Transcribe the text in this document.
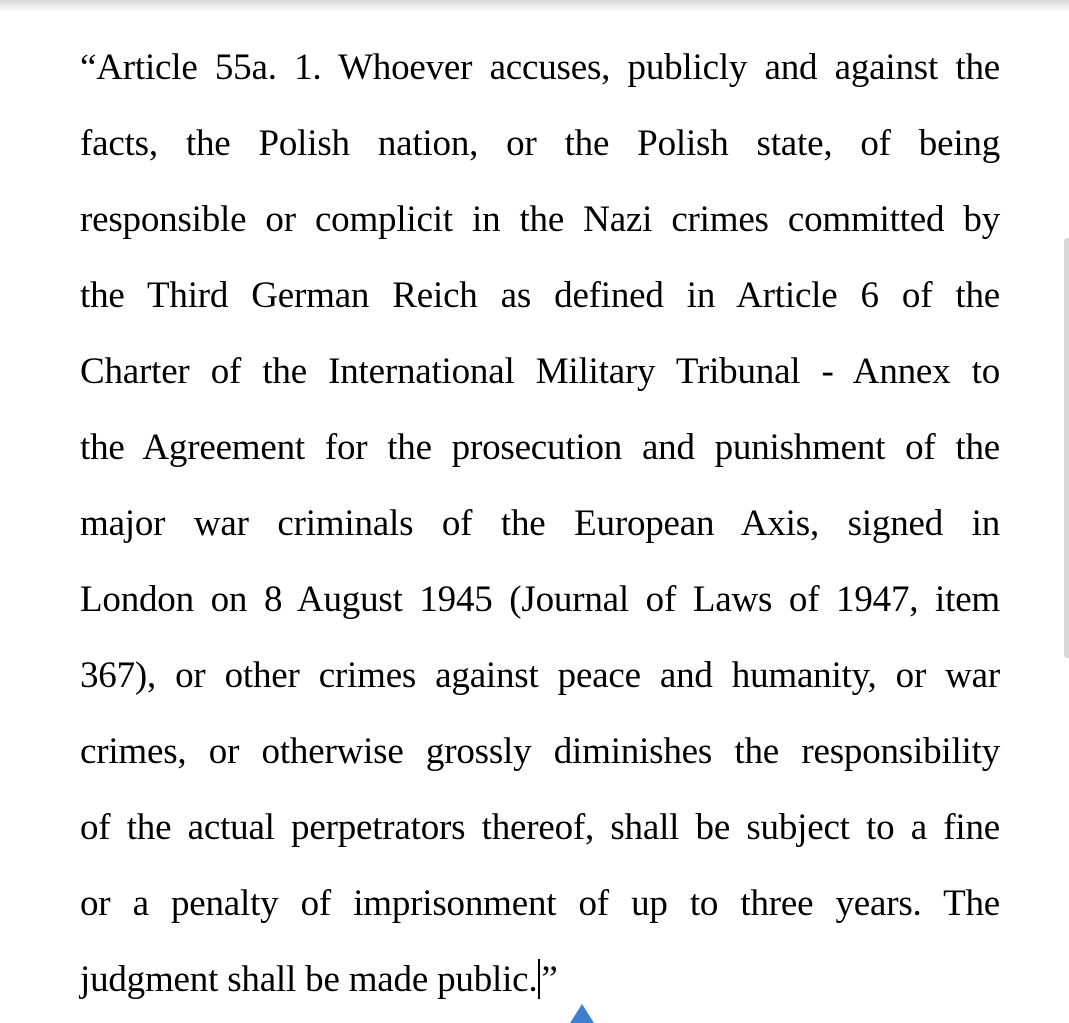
“Article 55a. 1. Whoever accuses, publicly and against the
facts, the Polish nation, or the Polish state, of being
responsible or complicit in the Nazi crimes committed by
the Third German Reich as defined in Article 6 of the
Charter of the International Military Tribunal - Annex to
the Agreement for the prosecution and punishment of the
major war criminals of the European Axis, signed in
London on 8 August 1945 (Journal of Laws of 1947, item
367), or other crimes against peace and humanity, or war
crimes, or otherwise grossly diminishes the responsibility
of the actual perpetrators thereof, shall be subject to a fine
or a penalty of imprisonment of up to three years. The
judgment shall be made public. ”
